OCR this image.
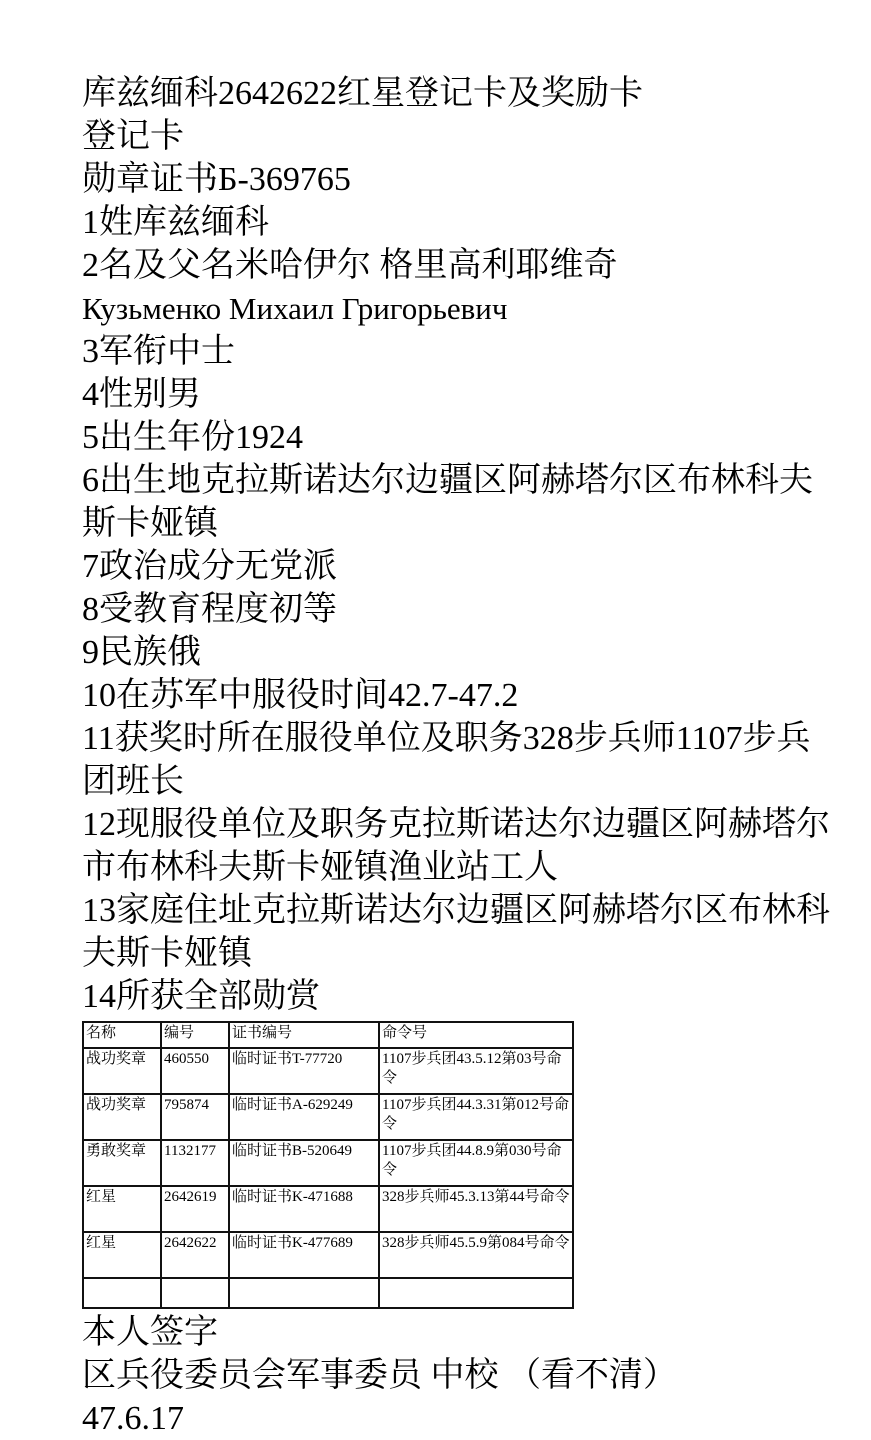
库兹缅科2642622红星登记卡及奖励卡

登记卡

勋章证书Б-369765

1姓库兹缅科

2名及父名米哈伊尔 格里高利耶维奇

Кузьменко Михаил Григорьевич

3军衔中士

4性别男

5出生年份1924

6出生地克拉斯诺达尔边疆区阿赫塔尔区布林科夫斯卡娅镇

7政治成分无党派

8受教育程度初等

9民族俄

10在苏军中服役时间42.7-47.2

11获奖时所在服役单位及职务328步兵师1107步兵团班长

12现服役单位及职务克拉斯诺达尔边疆区阿赫塔尔市布林科夫斯卡娅镇渔业站工人

13家庭住址克拉斯诺达尔边疆区阿赫塔尔区布林科夫斯卡娅镇

14所获全部勋赏

名称	编号	证书编号	命令号
战功奖章	460550	临时证书T-77720	1107步兵团43.5.12第03号命令
战功奖章	795874	临时证书A-629249	1107步兵团44.3.31第012号命令
勇敢奖章	1132177	临时证书B-520649	1107步兵团44.8.9第030号命令
红星	2642619	临时证书K-471688	328步兵师45.3.13第44号命令
红星	2642622	临时证书K-477689	328步兵师45.5.9第084号命令

本人签字

区兵役委员会军事委员 中校 （看不清）

47.6.17
